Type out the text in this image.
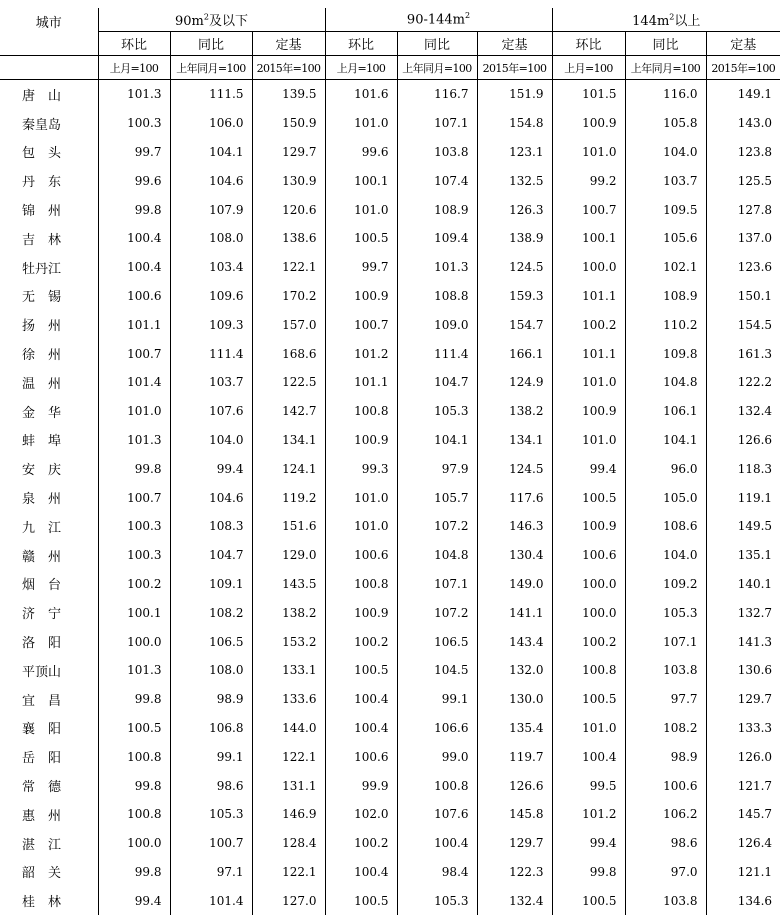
城市	$90m^2$及以下			$90-144m^2$			$144m^2$以上		
	环比	同比	定基	环比	同比	定基	环比	同比	定基
	上月=100	上年同月=100	2015年=100	上月=100	上年同月=100	2015年=100	上月=100	上年同月=100	2015年=100
唐　山	101.3	111.5	139.5	101.6	116.7	151.9	101.5	116.0	149.1
秦皇岛	100.3	106.0	150.9	101.0	107.1	154.8	100.9	105.8	143.0
包　头	99.7	104.1	129.7	99.6	103.8	123.1	101.0	104.0	123.8
丹　东	99.6	104.6	130.9	100.1	107.4	132.5	99.2	103.7	125.5
锦　州	99.8	107.9	120.6	101.0	108.9	126.3	100.7	109.5	127.8
吉　林	100.4	108.0	138.6	100.5	109.4	138.9	100.1	105.6	137.0
牡丹江	100.4	103.4	122.1	99.7	101.3	124.5	100.0	102.1	123.6
无　锡	100.6	109.6	170.2	100.9	108.8	159.3	101.1	108.9	150.1
扬　州	101.1	109.3	157.0	100.7	109.0	154.7	100.2	110.2	154.5
徐　州	100.7	111.4	168.6	101.2	111.4	166.1	101.1	109.8	161.3
温　州	101.4	103.7	122.5	101.1	104.7	124.9	101.0	104.8	122.2
金　华	101.0	107.6	142.7	100.8	105.3	138.2	100.9	106.1	132.4
蚌　埠	101.3	104.0	134.1	100.9	104.1	134.1	101.0	104.1	126.6
安　庆	99.8	99.4	124.1	99.3	97.9	124.5	99.4	96.0	118.3
泉　州	100.7	104.6	119.2	101.0	105.7	117.6	100.5	105.0	119.1
九　江	100.3	108.3	151.6	101.0	107.2	146.3	100.9	108.6	149.5
赣　州	100.3	104.7	129.0	100.6	104.8	130.4	100.6	104.0	135.1
烟　台	100.2	109.1	143.5	100.8	107.1	149.0	100.0	109.2	140.1
济　宁	100.1	108.2	138.2	100.9	107.2	141.1	100.0	105.3	132.7
洛　阳	100.0	106.5	153.2	100.2	106.5	143.4	100.2	107.1	141.3
平顶山	101.3	108.0	133.1	100.5	104.5	132.0	100.8	103.8	130.6
宜　昌	99.8	98.9	133.6	100.4	99.1	130.0	100.5	97.7	129.7
襄　阳	100.5	106.8	144.0	100.4	106.6	135.4	101.0	108.2	133.3
岳　阳	100.8	99.1	122.1	100.6	99.0	119.7	100.4	98.9	126.0
常　德	99.8	98.6	131.1	99.9	100.8	126.6	99.5	100.6	121.7
惠　州	100.8	105.3	146.9	102.0	107.6	145.8	101.2	106.2	145.7
湛　江	100.0	100.7	128.4	100.2	100.4	129.7	99.4	98.6	126.4
韶　关	99.8	97.1	122.1	100.4	98.4	122.3	99.8	97.0	121.1
桂　林	99.4	101.4	127.0	100.5	105.3	132.4	100.5	103.8	134.6
